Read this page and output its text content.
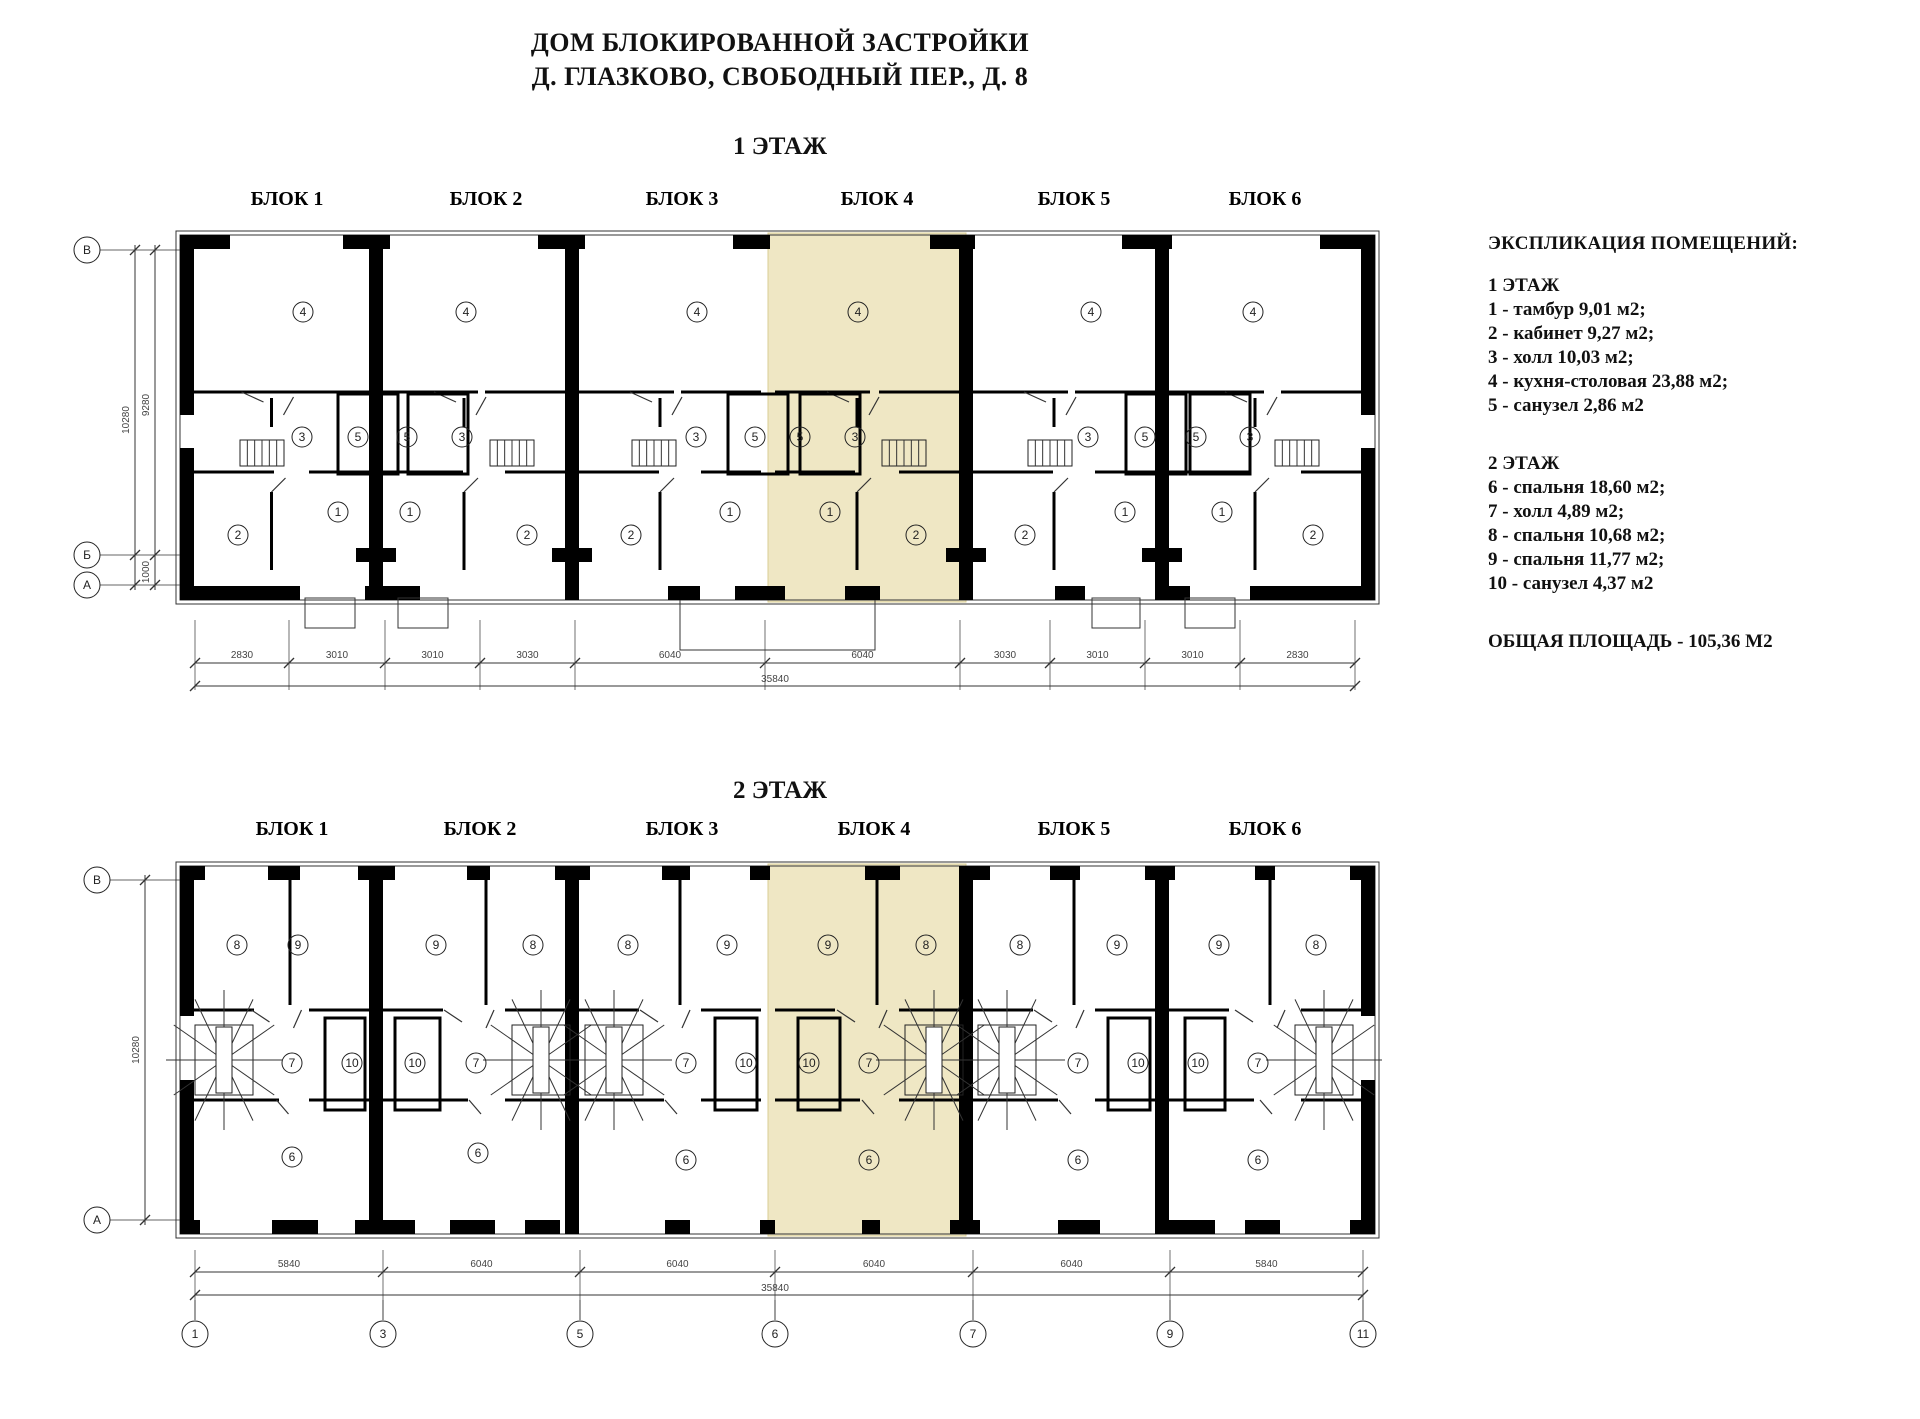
ДОМ БЛОКИРОВАННОЙ ЗАСТРОЙКИ
Д. ГЛАЗКОВО, СВОБОДНЫЙ ПЕР., Д. 8
1 ЭТАЖ
2 ЭТАЖ
ЭКСПЛИКАЦИЯ ПОМЕЩЕНИЙ:
1 ЭТАЖ
1 - тамбур 9,01 м2;
2 - кабинет 9,27 м2;
3 - холл 10,03 м2;
4 - кухня-столовая 23,88 м2;
5 - санузел 2,86 м2
2 ЭТАЖ
6 - спальня 18,60 м2;
7 - холл 4,89 м2;
8 - спальня 10,68 м2;
9 - спальня 11,77 м2;
10 - санузел 4,37 м2
ОБЩАЯ ПЛОЩАДЬ - 105,36 М2
БЛОК 1	БЛОК 2	БЛОК 3	БЛОК 4	БЛОК 5	БЛОК 6
4
3	5
2
1
4
5	3
1
2
4
3	5
2
1
4
5	3
1
2
4
3	5
2
1
4
5	3
1
2
2830	3010	3010	3030	6040	6040	3030	3010	3010	2830
35840
В
Б
А
10280
9280
1000
БЛОК 1	БЛОК 2	БЛОК 3	БЛОК 4	БЛОК 5	БЛОК 6
8	9
7	10
6
9	8
10	7
6
8	9
7	10
6
9	8
10	7
6
8	9
7	10
6
9	8
10	7
6
5840	6040	6040	6040	6040	5840
35840
1	3	5	6	7	9	11
В
А
10280
